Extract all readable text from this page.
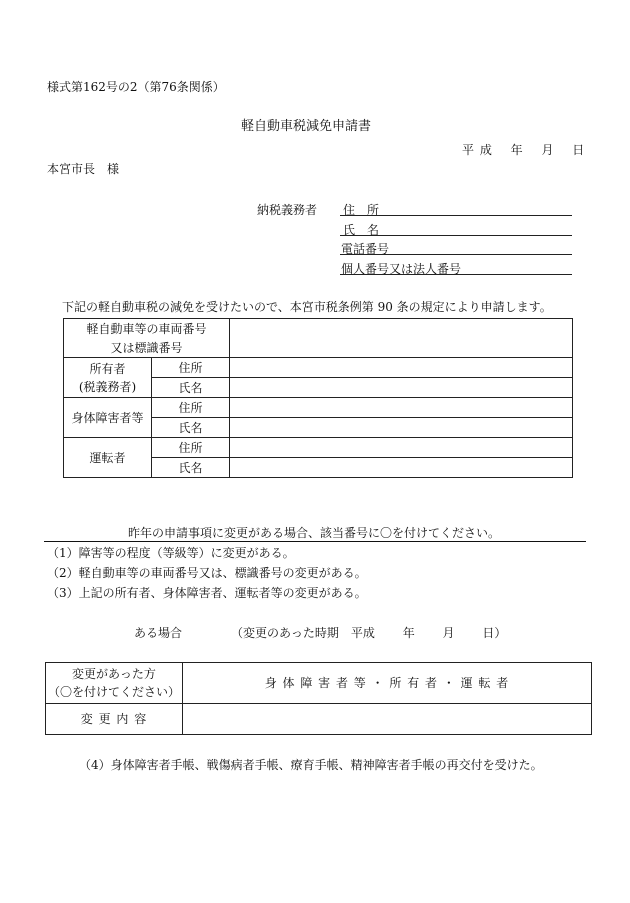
様式第162号の2（第76条関係）
軽自動車税減免申請書
平 成　 年　 月　 日
本宮市長　様
納税義務者 住　所
氏　名
電話番号
個人番号又は法人番号
下記の軽自動車税の減免を受けたいので、本宮市税条例第 90 条の規定により申請します。
軽自動車等の車両番号		
又は標識番号		

所有者
(税義務者)	住所	
	氏名	
身体障害者等	住所	
	氏名	
運転者	住所	
	氏名	
昨年の申請事項に変更がある場合、該当番号に〇を付けてください。
（1）障害等の程度（等級等）に変更がある。
（2）軽自動車等の車両番号又は、標識番号の変更がある。
（3）上記の所有者、身体障害者、運転者等の変更がある。
ある場合	（変更のあった時期　平成　　 年　　 月　　 日）
変更があった方
（〇を付けてください）	身 体 障 害 者 等 ・ 所 有 者 ・ 運 転 者
変 更 内 容	
（4）身体障害者手帳、戦傷病者手帳、療育手帳、精神障害者手帳の再交付を受けた。
